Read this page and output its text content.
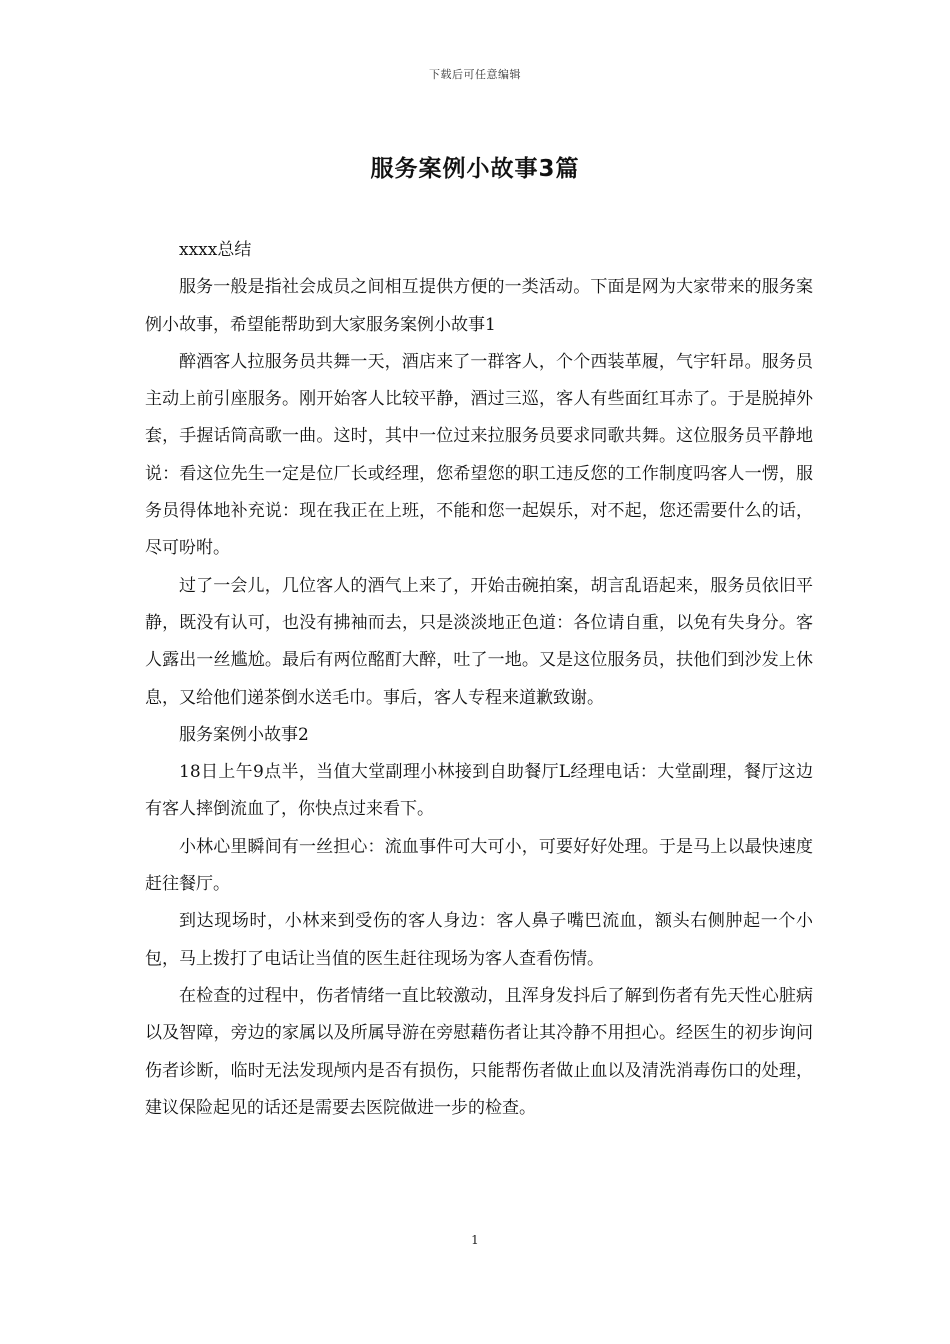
下载后可任意编辑
服务案例小故事3篇

xxxx总结

服务一般是指社会成员之间相互提供方便的一类活动。下面是网为大家带来的服务案例小故事，希望能帮助到大家服务案例小故事1

醉酒客人拉服务员共舞一天，酒店来了一群客人，个个西装革履，气宇轩昂。服务员主动上前引座服务。刚开始客人比较平静，酒过三巡，客人有些面红耳赤了。于是脱掉外套，手握话筒高歌一曲。这时，其中一位过来拉服务员要求同歌共舞。这位服务员平静地说：看这位先生一定是位厂长或经理，您希望您的职工违反您的工作制度吗客人一愣，服务员得体地补充说：现在我正在上班，不能和您一起娱乐，对不起，您还需要什么的话，尽可吩咐。

过了一会儿，几位客人的酒气上来了，开始击碗拍案，胡言乱语起来，服务员依旧平静，既没有认可，也没有拂袖而去，只是淡淡地正色道：各位请自重，以免有失身分。客人露出一丝尴尬。最后有两位酩酊大醉，吐了一地。又是这位服务员，扶他们到沙发上休息，又给他们递茶倒水送毛巾。事后，客人专程来道歉致谢。

服务案例小故事2

18日上午9点半，当值大堂副理小林接到自助餐厅L经理电话：大堂副理，餐厅这边有客人摔倒流血了，你快点过来看下。

小林心里瞬间有一丝担心：流血事件可大可小，可要好好处理。于是马上以最快速度赶往餐厅。

到达现场时，小林来到受伤的客人身边：客人鼻子嘴巴流血，额头右侧肿起一个小包，马上拨打了电话让当值的医生赶往现场为客人查看伤情。

在检查的过程中，伤者情绪一直比较激动，且浑身发抖后了解到伤者有先天性心脏病以及智障，旁边的家属以及所属导游在旁慰藉伤者让其冷静不用担心。经医生的初步询问伤者诊断，临时无法发现颅内是否有损伤，只能帮伤者做止血以及清洗消毒伤口的处理，建议保险起见的话还是需要去医院做进一步的检查。

1
